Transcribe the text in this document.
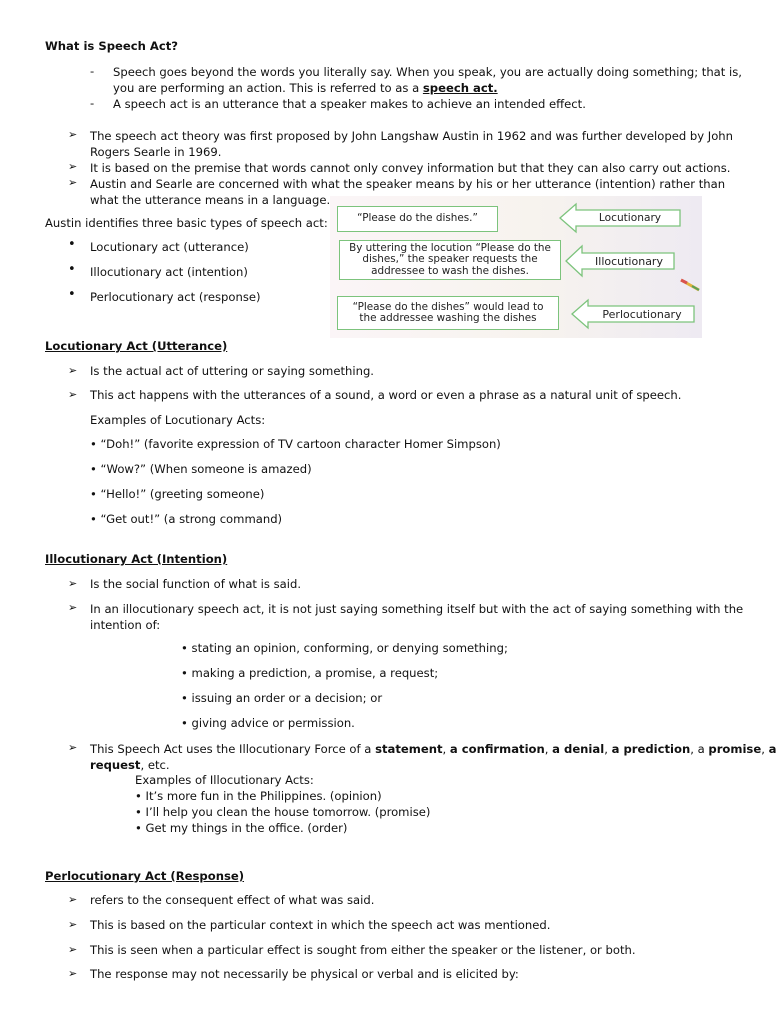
What is Speech Act?
- Speech goes beyond the words you literally say. When you speak, you are actually doing something; that is,
you are performing an action. This is referred to as a speech act.
- A speech act is an utterance that a speaker makes to achieve an intended effect.
➢ The speech act theory was first proposed by John Langshaw Austin in 1962 and was further developed by John
Rogers Searle in 1969.
➢ It is based on the premise that words cannot only convey information but that they can also carry out actions.
➢ Austin and Searle are concerned with what the speaker means by his or her utterance (intention) rather than
what the utterance means in a language.
Austin identifies three basic types of speech act:
• Locutionary act (utterance)
• Illocutionary act (intention)
• Perlocutionary act (response)
“Please do the dishes.”
By uttering the locution “Please do the dishes,” the speaker requests the addressee to wash the dishes.
“Please do the dishes” would lead to the addressee washing the dishes
Locutionary
Illocutionary
Perlocutionary
Locutionary Act (Utterance)
➢ Is the actual act of uttering or saying something.
➢ This act happens with the utterances of a sound, a word or even a phrase as a natural unit of speech.
Examples of Locutionary Acts:
• “Doh!” (favorite expression of TV cartoon character Homer Simpson)
• “Wow?” (When someone is amazed)
• “Hello!” (greeting someone)
• “Get out!” (a strong command)
Illocutionary Act (Intention)
➢ Is the social function of what is said.
➢ In an illocutionary speech act, it is not just saying something itself but with the act of saying something with the
intention of:
• stating an opinion, conforming, or denying something;
• making a prediction, a promise, a request;
• issuing an order or a decision; or
• giving advice or permission.
➢ This Speech Act uses the Illocutionary Force of a statement, a confirmation, a denial, a prediction, a promise, a
request, etc.
Examples of Illocutionary Acts:
• It’s more fun in the Philippines. (opinion)
• I’ll help you clean the house tomorrow. (promise)
• Get my things in the office. (order)
Perlocutionary Act (Response)
➢ refers to the consequent effect of what was said.
➢ This is based on the particular context in which the speech act was mentioned.
➢ This is seen when a particular effect is sought from either the speaker or the listener, or both.
➢ The response may not necessarily be physical or verbal and is elicited by:
